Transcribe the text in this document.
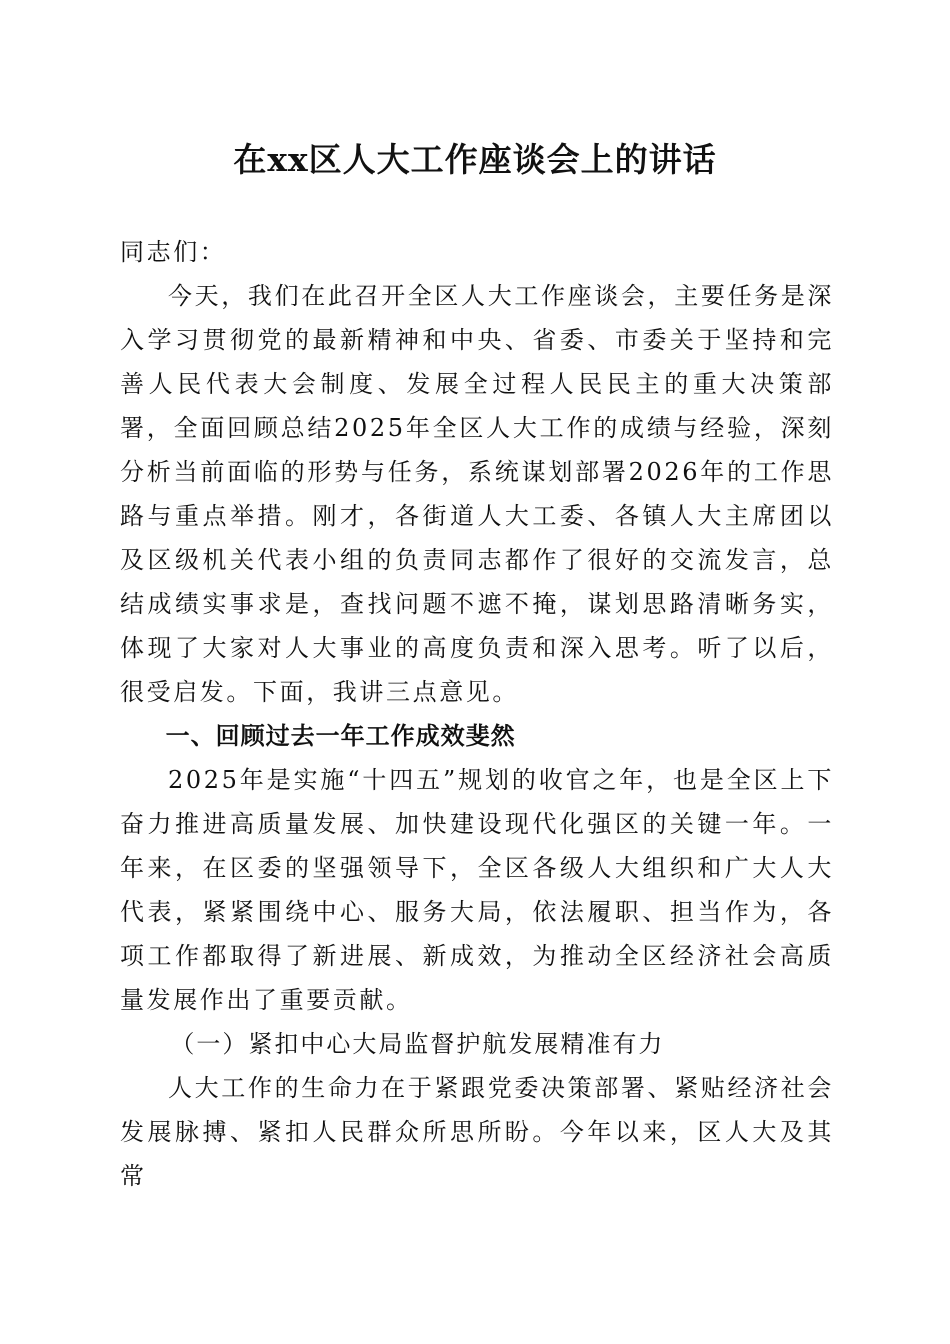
在xx区人大工作座谈会上的讲话

同志们：

今天，我们在此召开全区人大工作座谈会，主要任务是深入学习贯彻党的最新精神和中央、省委、市委关于坚持和完善人民代表大会制度、发展全过程人民民主的重大决策部署，全面回顾总结2025年全区人大工作的成绩与经验，深刻分析当前面临的形势与任务，系统谋划部署2026年的工作思路与重点举措。刚才，各街道人大工委、各镇人大主席团以及区级机关代表小组的负责同志都作了很好的交流发言，总结成绩实事求是，查找问题不遮不掩，谋划思路清晰务实，体现了大家对人大事业的高度负责和深入思考。听了以后，很受启发。下面，我讲三点意见。

一、回顾过去一年工作成效斐然

2025年是实施“十四五”规划的收官之年，也是全区上下奋力推进高质量发展、加快建设现代化强区的关键一年。一年来，在区委的坚强领导下，全区各级人大组织和广大人大代表，紧紧围绕中心、服务大局，依法履职、担当作为，各项工作都取得了新进展、新成效，为推动全区经济社会高质量发展作出了重要贡献。

（一）紧扣中心大局监督护航发展精准有力

人大工作的生命力在于紧跟党委决策部署、紧贴经济社会发展脉搏、紧扣人民群众所思所盼。今年以来，区人大及其常
